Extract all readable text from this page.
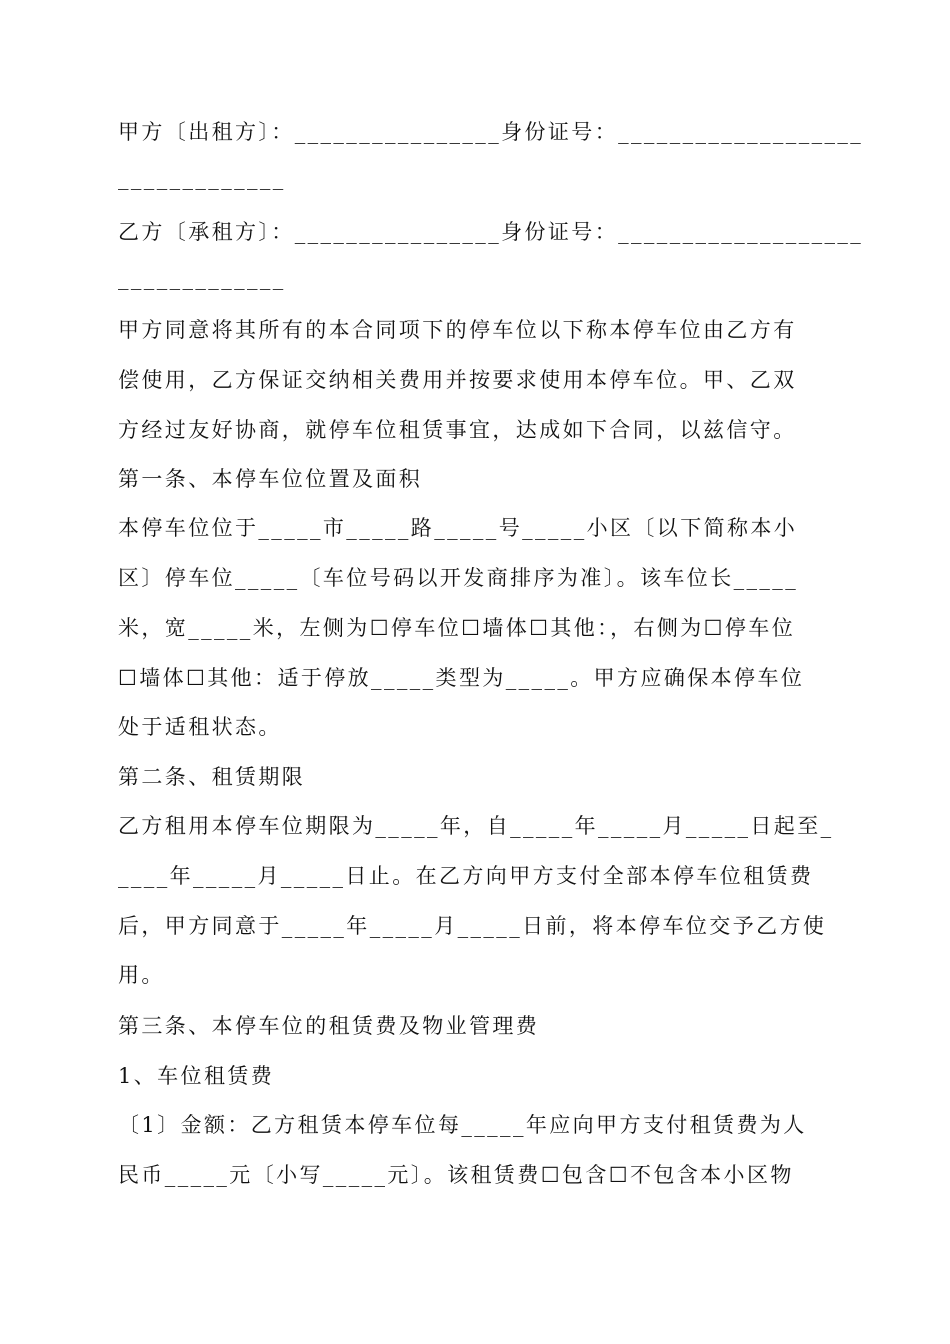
甲方〔出租方〕：________________身份证号：___________________

_____________

乙方〔承租方〕：________________身份证号：___________________

_____________

甲方同意将其所有的本合同项下的停车位以下称本停车位由乙方有

偿使用，乙方保证交纳相关费用并按要求使用本停车位。甲、乙双

方经过友好协商，就停车位租赁事宜，达成如下合同，以兹信守。

第一条、本停车位位置及面积

本停车位位于_____市_____路_____号_____小区〔以下简称本小

区〕停车位_____〔车位号码以开发商排序为准〕。该车位长_____

米，宽_____米，左侧为☐停车位☐墙体☐其他：，右侧为☐停车位

☐墙体☐其他：适于停放_____类型为_____。甲方应确保本停车位

处于适租状态。

第二条、租赁期限

乙方租用本停车位期限为_____年，自_____年_____月_____日起至_

____年_____月_____日止。在乙方向甲方支付全部本停车位租赁费

后，甲方同意于_____年_____月_____日前，将本停车位交予乙方使

用。

第三条、本停车位的租赁费及物业管理费

1、车位租赁费

〔1〕金额：乙方租赁本停车位每_____年应向甲方支付租赁费为人

民币_____元〔小写_____元〕。该租赁费☐包含☐不包含本小区物
